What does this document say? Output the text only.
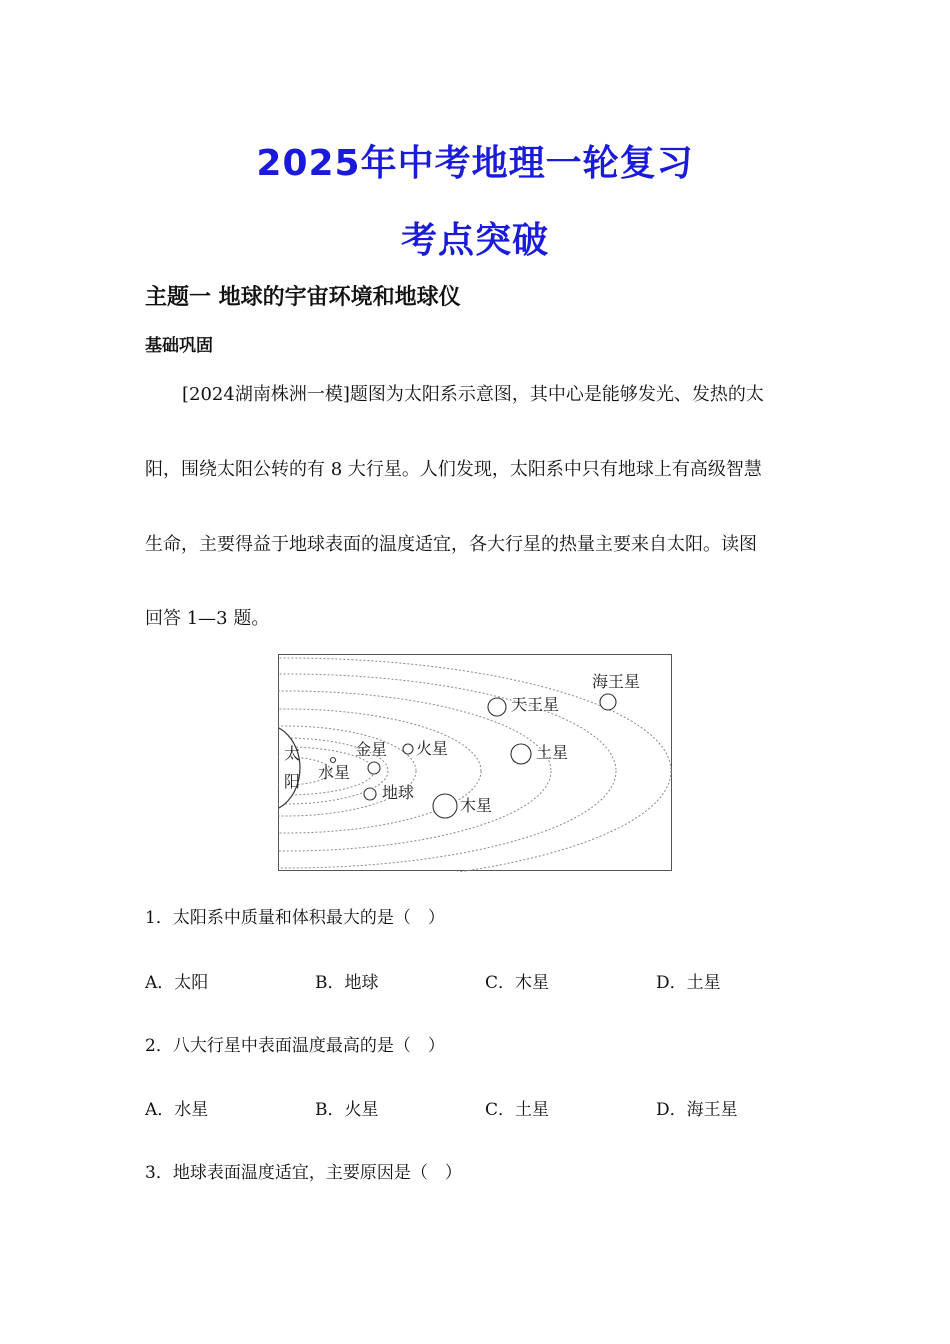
2025年中考地理一轮复习
考点突破
主题一 地球的宇宙环境和地球仪
基础巩固
[2024湖南株洲一模]题图为太阳系示意图，其中心是能够发光、发热的太
阳，围绕太阳公转的有 8 大行星。人们发现，太阳系中只有地球上有高级智慧
生命，主要得益于地球表面的温度适宜，各大行星的热量主要来自太阳。读图
回答 1—3 题。
太
阳 水星
金星
地球
火星
木星
土星
天王星
海王星
1．太阳系中质量和体积最大的是（　）
A．太阳	B．地球	C．木星	D．土星
2．八大行星中表面温度最高的是（　）
A．水星	B．火星	C．土星	D．海王星
3．地球表面温度适宜，主要原因是（　）
